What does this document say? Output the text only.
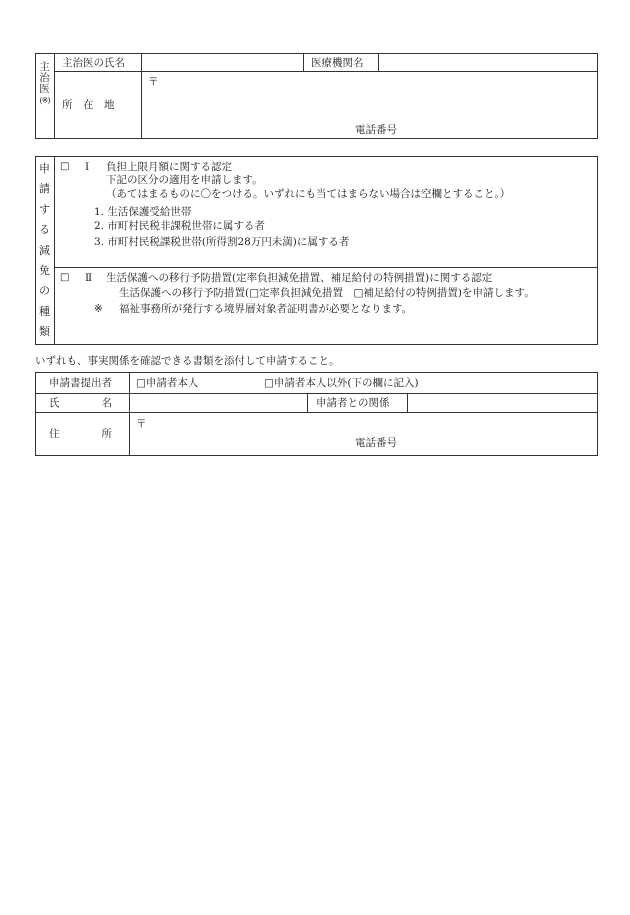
主
治
医
(※)
主治医の氏名	医療機関名
所　在　地
〒
電話番号
申
請
す
る
減
免
の
種
類
□ Ⅰ 負担上限月額に関する認定
下記の区分の適用を申請します。
（あてはまるものに〇をつける。いずれにも当てはまらない場合は空欄とすること。）
1. 生活保護受給世帯
2. 市町村民税非課税世帯に属する者
3. 市町村民税課税世帯(所得割28万円未満)に属する者
□ Ⅱ 生活保護への移行予防措置(定率負担減免措置、補足給付の特例措置)に関する認定
生活保護への移行予防措置(□定率負担減免措置　□補足給付の特例措置)を申請します。
※ 福祉事務所が発行する境界層対象者証明書が必要となります。
いずれも、事実関係を確認できる書類を添付して申請すること。
申請書提出者 □申請者本人	□申請者本人以外(下の欄に記入)
氏　　　　名	申請者との関係
住　　　　所
〒
電話番号
